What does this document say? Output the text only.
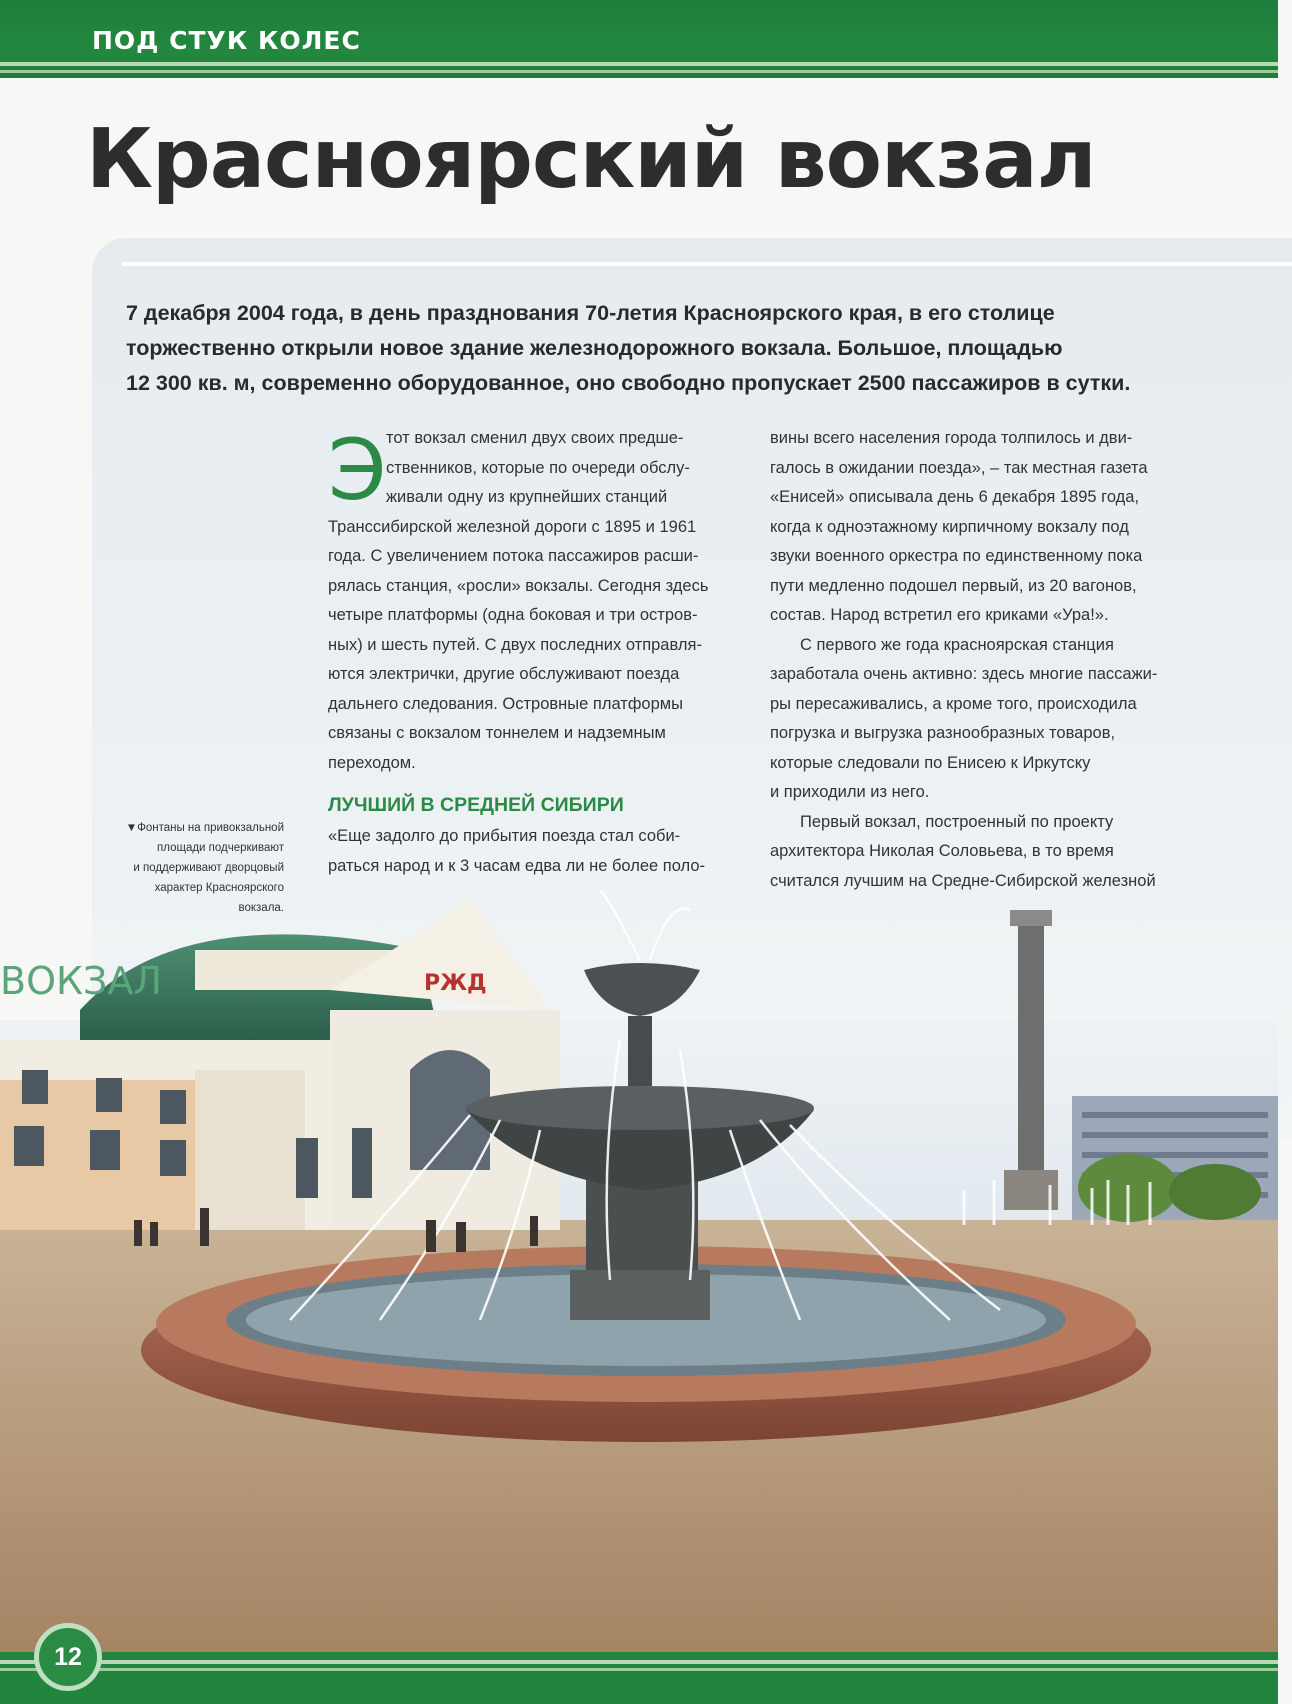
ПОД СТУК КОЛЕС
Красноярский вокзал
7 декабря 2004 года, в день празднования 70-летия Красноярского края, в его столице
торжественно открыли новое здание железнодорожного вокзала. Большое, площадью
12 300 кв. м, современно оборудованное, оно свободно пропускает 2500 пассажиров в сутки.
Э тот вокзал сменил двух своих предше-
ственников, которые по очереди обслу-
живали одну из крупнейших станций
Транссибирской железной дороги с 1895 и 1961
года. С увеличением потока пассажиров расши-
рялась станция, «росли» вокзалы. Сегодня здесь
четыре платформы (одна боковая и три остров-
ных) и шесть путей. С двух последних отправля-
ются электрички, другие обслуживают поезда
дальнего следования. Островные платформы
связаны с вокзалом тоннелем и надземным
переходом.
ЛУЧШИЙ В СРЕДНЕЙ СИБИРИ
«Еще задолго до прибытия поезда стал соби-
раться народ и к 3 часам едва ли не более поло-
вины всего населения города толпилось и дви-
галось в ожидании поезда», – так местная газета
«Енисей» описывала день 6 декабря 1895 года,
когда к одноэтажному кирпичному вокзалу под
звуки военного оркестра по единственному пока
пути медленно подошел первый, из 20 вагонов,
состав. Народ встретил его криками «Ура!».
С первого же года красноярская станция
заработала очень активно: здесь многие пассажи-
ры пересаживались, а кроме того, происходила
погрузка и выгрузка разнообразных товаров,
которые следовали по Енисею к Иркутску
и приходили из него.
Первый вокзал, построенный по проекту
архитектора Николая Соловьева, в то время
считался лучшим на Средне-Сибирской железной
▼Фонтаны на привокзальной
площади подчеркивают
и поддерживают дворцовый
характер Красноярского вокзала.
ВОКЗАЛ	РЖД
12
